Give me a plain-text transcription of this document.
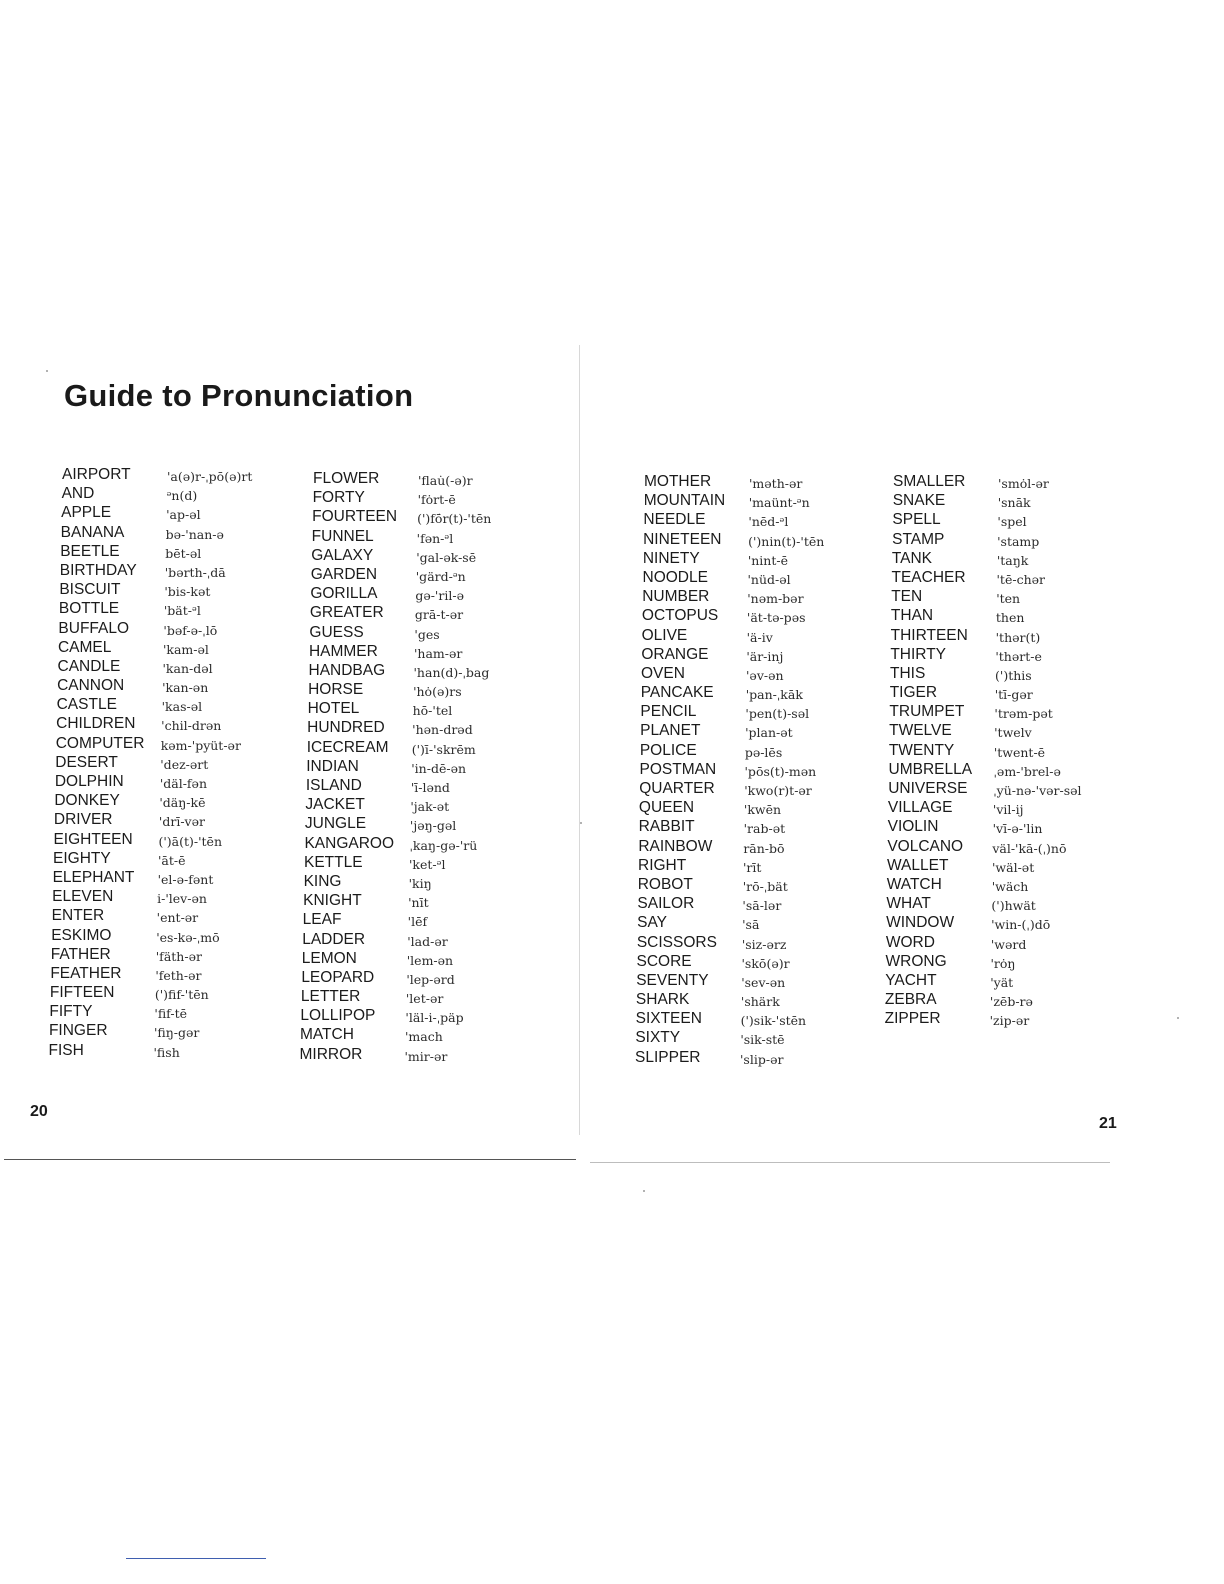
Guide to Pronunciation
AIRPORT	'a(ə)r-ˌpō(ə)rt
AND	ᵊn(d)
APPLE	'ap-əl
BANANA	bə-'nan-ə
BEETLE	bēt-əl
BIRTHDAY 'bərth-ˌdā
BISCUIT	'bis-kət
BOTTLE	'bät-ᵊl
BUFFALO	'bəf-ə-ˌlō
CAMEL	'kam-əl
CANDLE	'kan-dəl
CANNON	'kan-ən
CASTLE	'kas-əl
CHILDREN 'chil-drən
COMPUTER kəm-'pyüt-ər
DESERT	'dez-ərt
DOLPHIN	'däl-fən
DONKEY	'däŋ-kē
DRIVER	'drī-vər
EIGHTEEN (')ā(t)-'tēn
EIGHTY	'āt-ē
ELEPHANT 'el-ə-fənt
ELEVEN	i-'lev-ən
ENTER	'ent-ər
ESKIMO	'es-kə-ˌmō
FATHER	'fäth-ər
FEATHER	'feth-ər
FIFTEEN	(')fif-'tēn
FIFTY	'fif-tē
FINGER	'fiŋ-gər
FISH	'fish
FLOWER	'flau̇(-ə)r
FORTY	'fȯrt-ē
FOURTEEN (')fō̇r(t)-'tēn
FUNNEL	'fən-ᵊl
GALAXY	'gal-ək-sē
GARDEN	'gärd-ᵊn
GORILLA	gə-'ril-ə
GREATER grā-t-ər
GUESS	'ges
HAMMER	'ham-ər
HANDBAG 'han(d)-ˌbag
HORSE	'hȯ(ə)rs
HOTEL	hō-'tel
HUNDRED 'hən-drəd
ICECREAM (')ī-'skrēm
INDIAN	'in-dē-ən
ISLAND	'ī-lənd
JACKET	'jak-ət
JUNGLE	'jəŋ-gəl
KANGAROO ˌkaŋ-gə-'rü
KETTLE	'ket-ᵊl
KING	'kiŋ
KNIGHT	'nīt
LEAF	'lēf
LADDER	'lad-ər
LEMON	'lem-ən
LEOPARD	'lep-ərd
LETTER	'let-ər
LOLLIPOP 'läl-i-ˌpäp
MATCH	'mach
MIRROR	'mir-ər
MOTHER	'məth-ər
MOUNTAIN 'maünt-ᵊn
NEEDLE	'nēd-ᵊl
NINETEEN (')nin(t)-'tēn
NINETY	'nint-ē
NOODLE	'nüd-əl
NUMBER	'nəm-bər
OCTOPUS 'ät-tə-pəs
OLIVE	'ä-iv
ORANGE	'är-inj
OVEN	'əv-ən
PANCAKE	'pan-ˌkāk
PENCIL	'pen(t)-səl
PLANET	'plan-ət
POLICE	pə-lēs
POSTMAN 'pōs(t)-mən
QUARTER 'kwo(r)t-ər
QUEEN	'kwēn
RABBIT	'rab-ət
RAINBOW rān-bō
RIGHT	'rīt
ROBOT	'rō-ˌbät
SAILOR	'sā-lər
SAY	'sā
SCISSORS 'siz-ərz
SCORE	'skō(ə)r
SEVENTY	'sev-ən
SHARK	'shärk
SIXTEEN	(')sik-'stēn
SIXTY	'sik-stē
SLIPPER	'slip-ər
SMALLER	'smȯl-ər
SNAKE	'snāk
SPELL	'spel
STAMP	'stamp
TANK	'taŋk
TEACHER 'tē-chər
TEN	'ten
THAN	then
THIRTEEN 'thər(t)
THIRTY	'thərt-e
THIS	(')this
TIGER	'tī-gər
TRUMPET 'trəm-pət
TWELVE	'twelv
TWENTY	'twent-ē
UMBRELLA ˌəm-'brel-ə
UNIVERSE ˌyü-nə-'vər-səl
VILLAGE	'vil-ij
VIOLIN	'vī-ə-'lin
VOLCANO väl-'kā-(ˌ)nō
WALLET	'wäl-ət
WATCH	'wäch
WHAT	(')hwät
WINDOW	'win-(ˌ)dō
WORD	'wərd
WRONG	'rȯŋ
YACHT	'yät
ZEBRA	'zēb-rə
ZIPPER	'zip-ər
20
21
